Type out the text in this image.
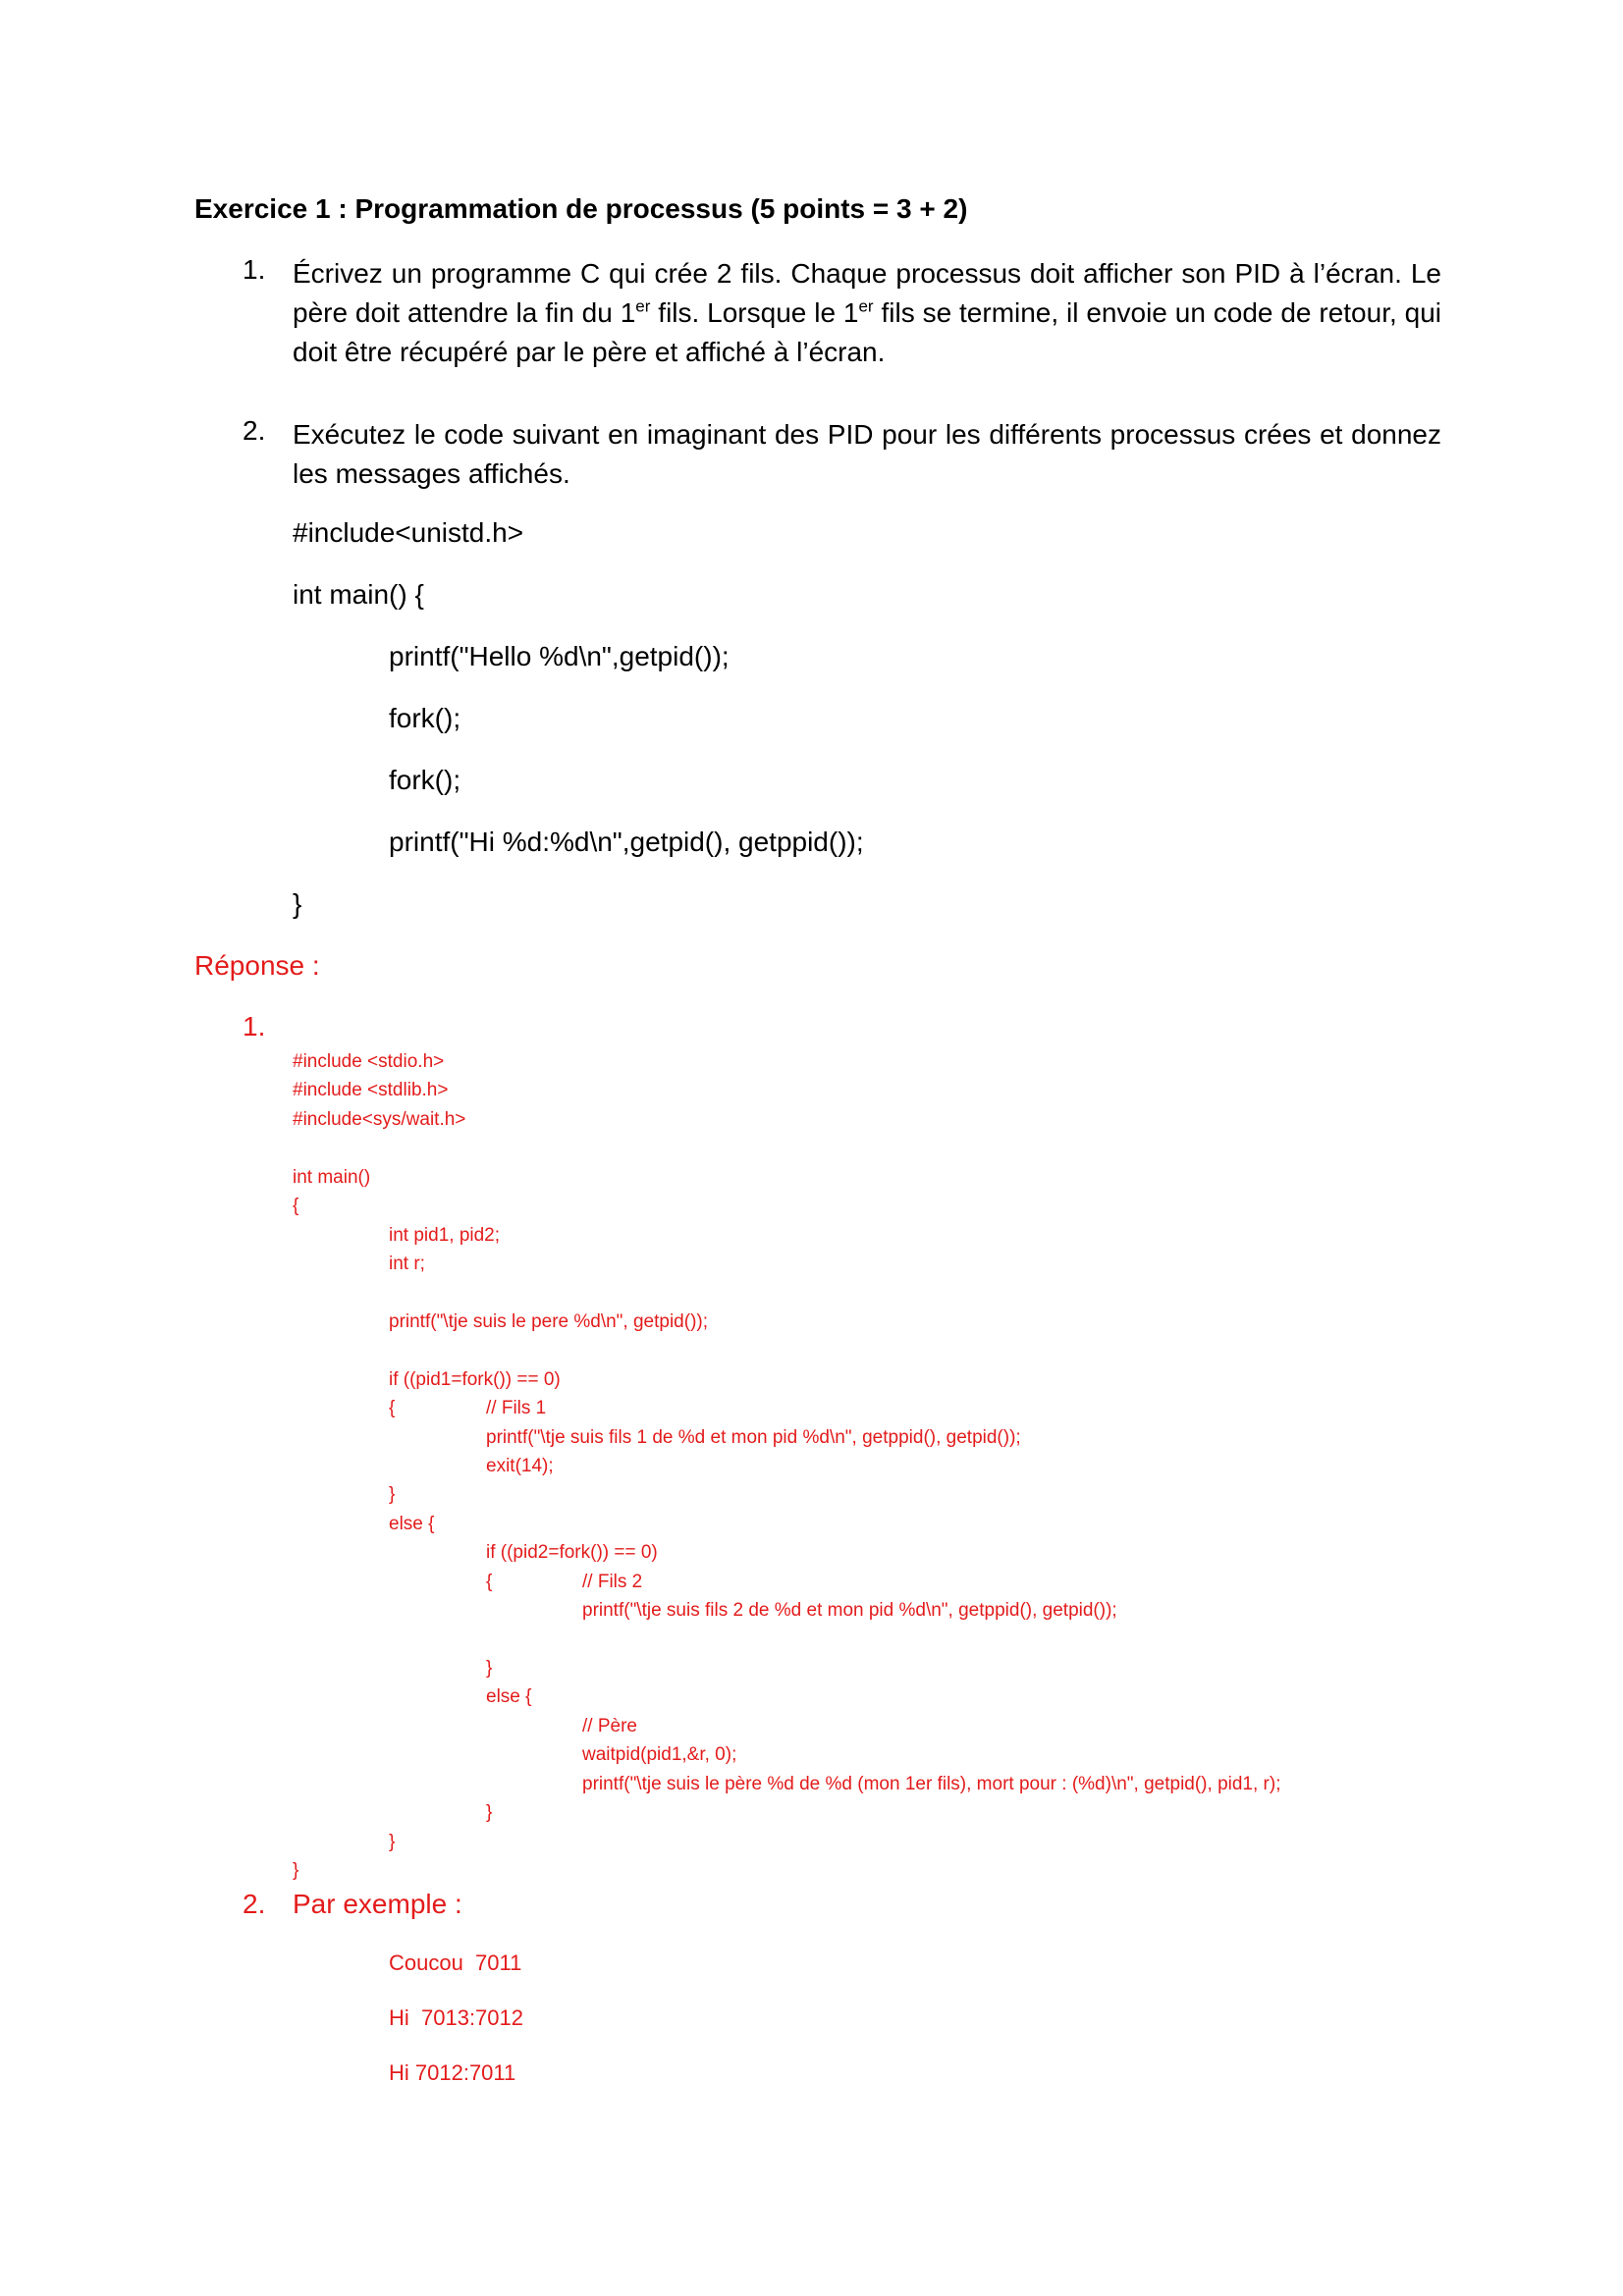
Exercice 1 : Programmation de processus (5 points = 3 + 2)
1. Écrivez un programme C qui crée 2 fils. Chaque processus doit afficher son PID à l’écran. Le père doit attendre la fin du 1er fils. Lorsque le 1er fils se termine, il envoie un code de retour, qui doit être récupéré par le père et affiché à l’écran.
2. Exécutez le code suivant en imaginant des PID pour les différents processus crées et donnez les messages affichés.
#include<unistd.h>
int main() {
printf("Hello %d\n",getpid());
fork();
fork();
printf("Hi %d:%d\n",getpid(), getppid());
}
Réponse :
1.
#include <stdio.h>
#include <stdlib.h>
#include<sys/wait.h>
int main()
{
int pid1, pid2;
int r;
printf("\tje suis le pere %d\n", getpid());
if ((pid1=fork()) == 0)
{	// Fils 1
printf("\tje suis fils 1 de %d et mon pid %d\n", getppid(), getpid());
exit(14);
}
else {
if ((pid2=fork()) == 0)
{	// Fils 2
printf("\tje suis fils 2 de %d et mon pid %d\n", getppid(), getpid());
}
else {
// Père
waitpid(pid1,&r, 0);
printf("\tje suis le père %d de %d (mon 1er fils), mort pour : (%d)\n", getpid(), pid1, r);
}
}
}
2. Par exemple :
Coucou  7011
Hi  7013:7012
Hi 7012:7011
